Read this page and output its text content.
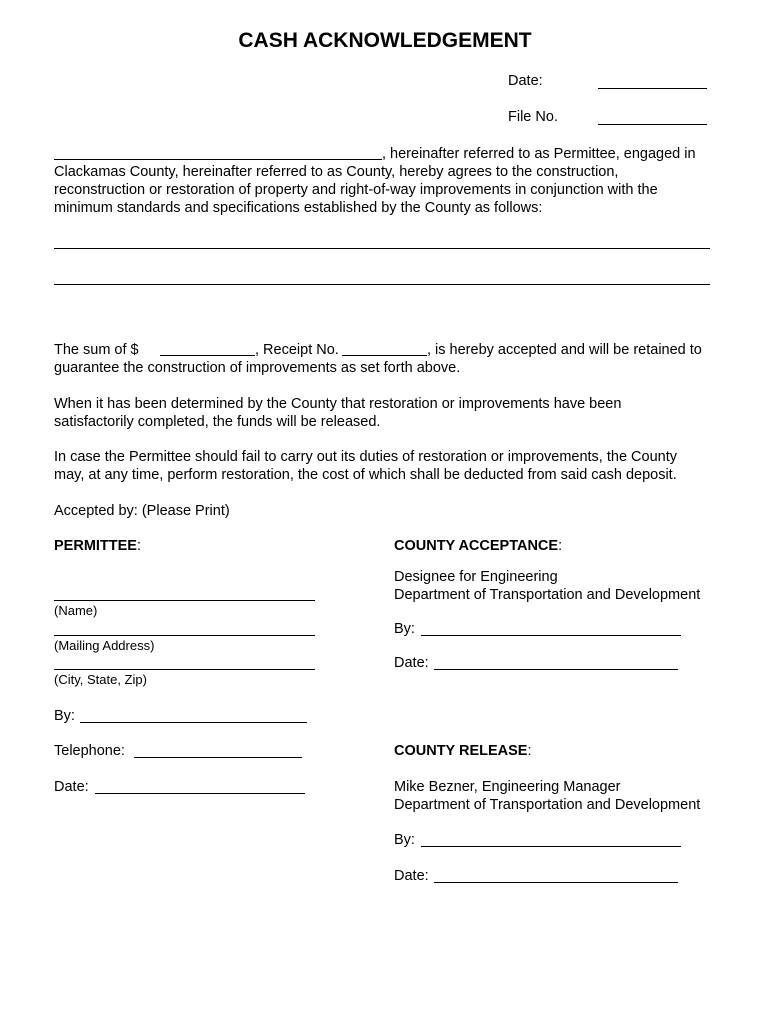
CASH ACKNOWLEDGEMENT
Date:
File No.
, hereinafter referred to as Permittee, engaged in
Clackamas County, hereinafter referred to as County, hereby agrees to the construction,
reconstruction or restoration of property and right-of-way improvements in conjunction with the
minimum standards and specifications established by the County as follows:
The sum of $	, Receipt No.	, is hereby accepted and will be retained to
guarantee the construction of improvements as set forth above.
When it has been determined by the County that restoration or improvements have been
satisfactorily completed, the funds will be released.
In case the Permittee should fail to carry out its duties of restoration or improvements, the County
may, at any time, perform restoration, the cost of which shall be deducted from said cash deposit.
Accepted by: (Please Print)
PERMITTEE:
(Name)
(Mailing Address)
(City, State, Zip)
By:
Telephone:
Date:
COUNTY ACCEPTANCE:
Designee for Engineering
Department of Transportation and Development
By:
Date:
COUNTY RELEASE:
Mike Bezner, Engineering Manager
Department of Transportation and Development
By:
Date:
